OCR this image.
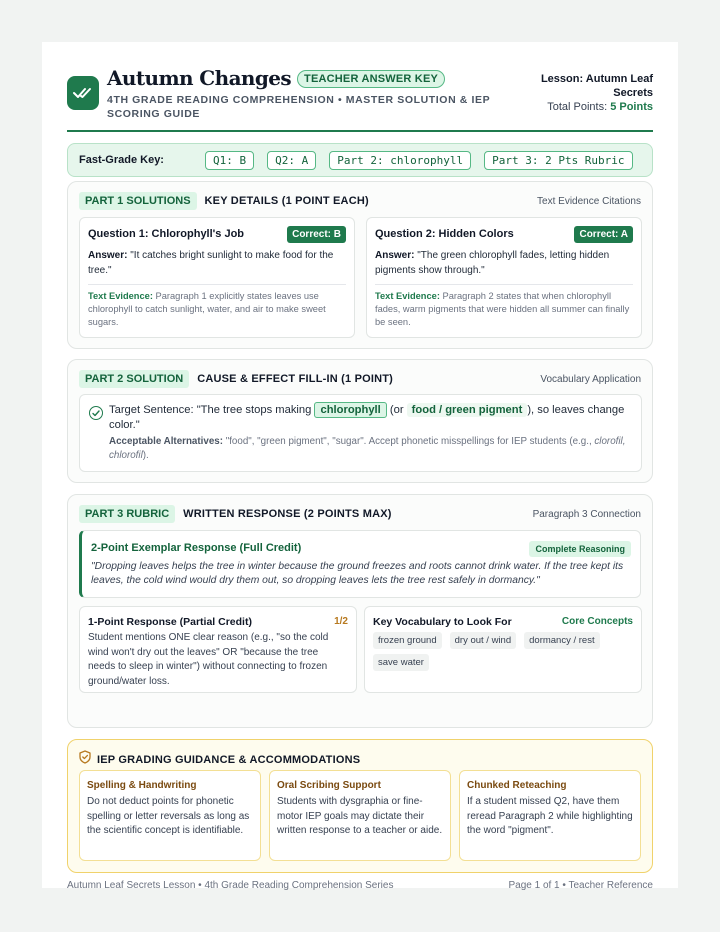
Autumn Changes	TEACHER ANSWER KEY
4TH GRADE READING COMPREHENSION • MASTER SOLUTION & IEP SCORING GUIDE
Lesson: Autumn Leaf
Secrets
Total Points: 5 Points
Fast-Grade Key:	Q1: B	Q2: A	Part 2: chlorophyll	Part 3: 2 Pts Rubric
PART 1 SOLUTIONS	KEY DETAILS (1 POINT EACH)	Text Evidence Citations
Question 1: Chlorophyll's Job	Correct: B
Answer: "It catches bright sunlight to make food for the tree."
Text Evidence: Paragraph 1 explicitly states leaves use chlorophyll to catch sunlight, water, and air to make sweet sugars.
Question 2: Hidden Colors	Correct: A
Answer: "The green chlorophyll fades, letting hidden pigments show through."
Text Evidence: Paragraph 2 states that when chlorophyll fades, warm pigments that were hidden all summer can finally be seen.
PART 2 SOLUTION	CAUSE & EFFECT FILL-IN (1 POINT)	Vocabulary Application
Target Sentence: "The tree stops making chlorophyll (or food / green pigment ), so leaves change color."
Acceptable Alternatives: "food", "green pigment", "sugar". Accept phonetic misspellings for IEP students (e.g., clorofil, chlorofil).
PART 3 RUBRIC	WRITTEN RESPONSE (2 POINTS MAX)	Paragraph 3 Connection
2-Point Exemplar Response (Full Credit)	Complete Reasoning
"Dropping leaves helps the tree in winter because the ground freezes and roots cannot drink water. If the tree kept its leaves, the cold wind would dry them out, so dropping leaves lets the tree rest safely in dormancy."
1-Point Response (Partial Credit)	1/2
Student mentions ONE clear reason (e.g., "so the cold wind won't dry out the leaves" OR "because the tree needs to sleep in winter") without connecting to frozen ground/water loss.
Key Vocabulary to Look For	Core Concepts
frozen ground	dry out / wind	dormancy / rest
save water
IEP GRADING GUIDANCE & ACCOMMODATIONS
Spelling & Handwriting
Do not deduct points for phonetic spelling or letter reversals as long as the scientific concept is identifiable.
Oral Scribing Support
Students with dysgraphia or fine-motor IEP goals may dictate their written response to a teacher or aide.
Chunked Reteaching
If a student missed Q2, have them reread Paragraph 2 while highlighting the word "pigment".
Autumn Leaf Secrets Lesson • 4th Grade Reading Comprehension Series	Page 1 of 1 • Teacher Reference
